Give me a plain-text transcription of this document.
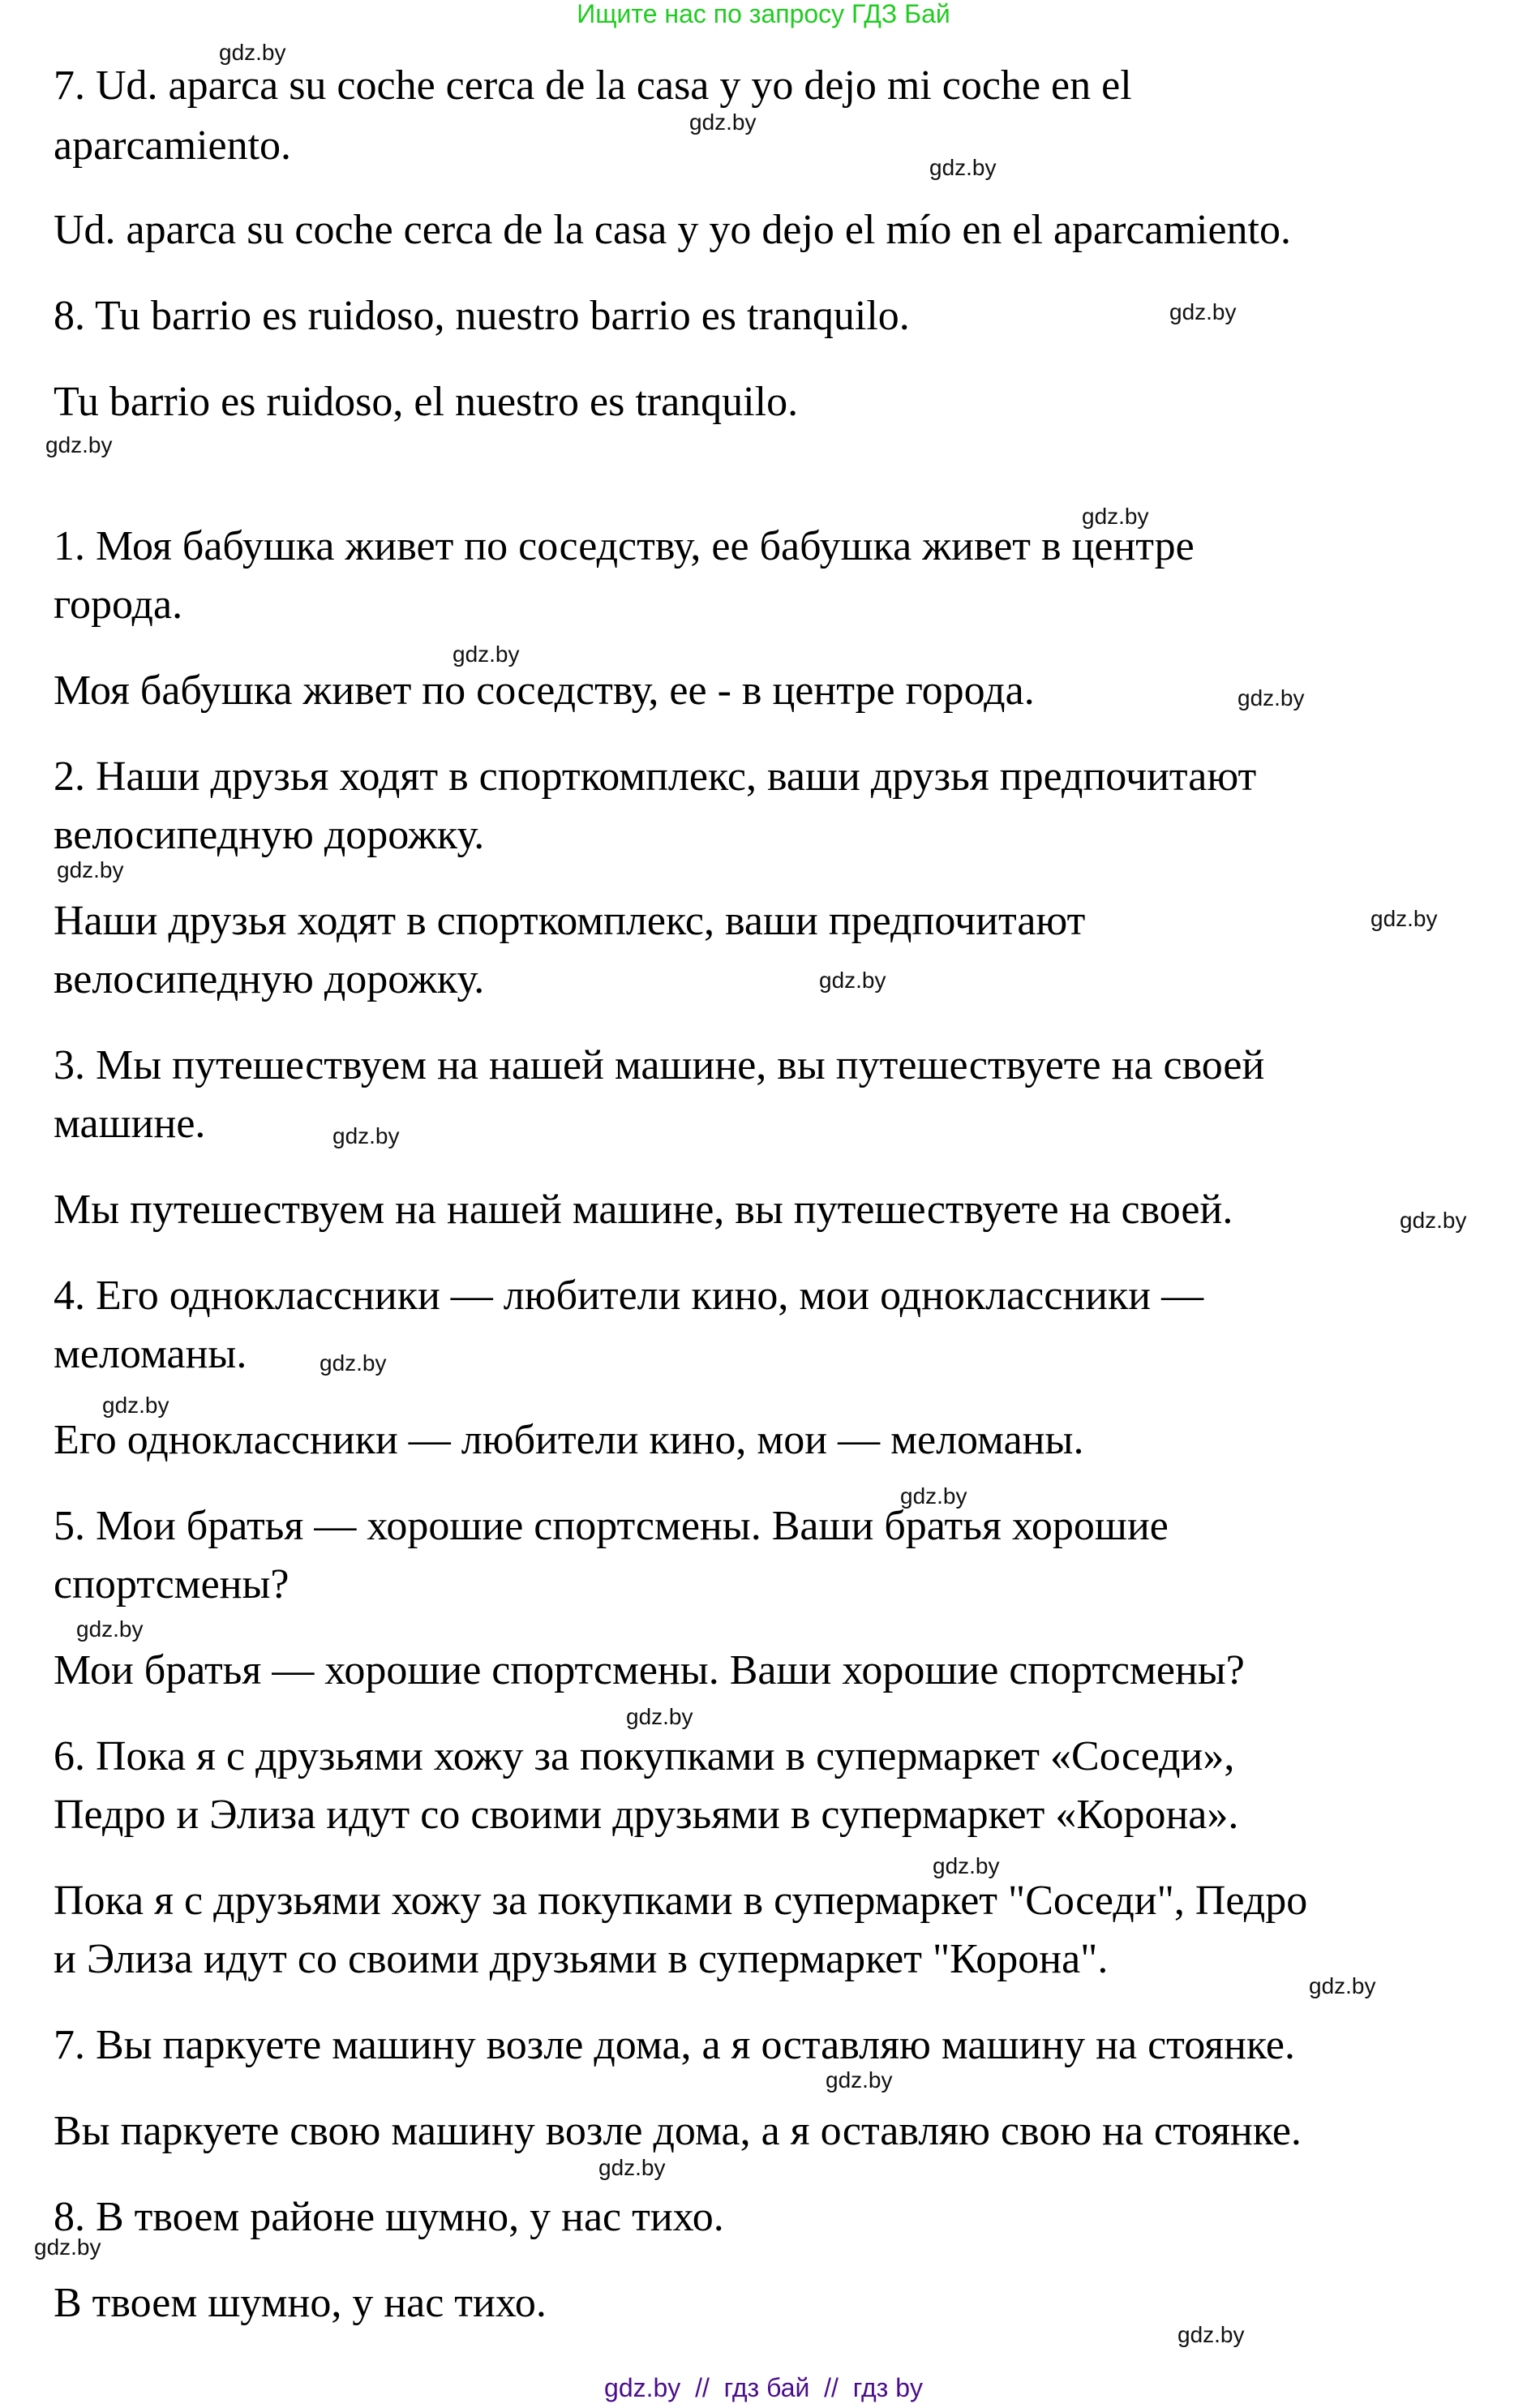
Ищите нас по запросу ГДЗ Бай
7. Ud. aparca su coche cerca de la casa y yo dejo mi coche en el
aparcamiento.
Ud. aparca su coche cerca de la casa y yo dejo el mío en el aparcamiento.
8. Tu barrio es ruidoso, nuestro barrio es tranquilo.
Tu barrio es ruidoso, el nuestro es tranquilo.
1. Моя бабушка живет по соседству, ее бабушка живет в центре
города.
Моя бабушка живет по соседству, ее - в центре города.
2. Наши друзья ходят в спорткомплекс, ваши друзья предпочитают
велосипедную дорожку.
Наши друзья ходят в спорткомплекс, ваши предпочитают
велосипедную дорожку.
3. Мы путешествуем на нашей машине, вы путешествуете на своей
машине.
Мы путешествуем на нашей машине, вы путешествуете на своей.
4. Его одноклассники — любители кино, мои одноклассники —
меломаны.
Его одноклассники — любители кино, мои — меломаны.
5. Мои братья — хорошие спортсмены. Ваши братья хорошие
спортсмены?
Мои братья — хорошие спортсмены. Ваши хорошие спортсмены?
6. Пока я с друзьями хожу за покупками в супермаркет «Соседи»,
Педро и Элиза идут со своими друзьями в супермаркет «Корона».
Пока я с друзьями хожу за покупками в супермаркет "Соседи", Педро
и Элиза идут со своими друзьями в супермаркет "Корона".
7. Вы паркуете машину возле дома, а я оставляю машину на стоянке.
Вы паркуете свою машину возле дома, а я оставляю свою на стоянке.
8. В твоем районе шумно, у нас тихо.
В твоем шумно, у нас тихо.
gdz.by
gdz.by
gdz.by
gdz.by
gdz.by
gdz.by
gdz.by
gdz.by
gdz.by
gdz.by
gdz.by
gdz.by
gdz.by
gdz.by
gdz.by
gdz.by
gdz.by
gdz.by
gdz.by
gdz.by
gdz.by
gdz.by
gdz.by
gdz.by
gdz.by  //  гдз бай  //  гдз by
